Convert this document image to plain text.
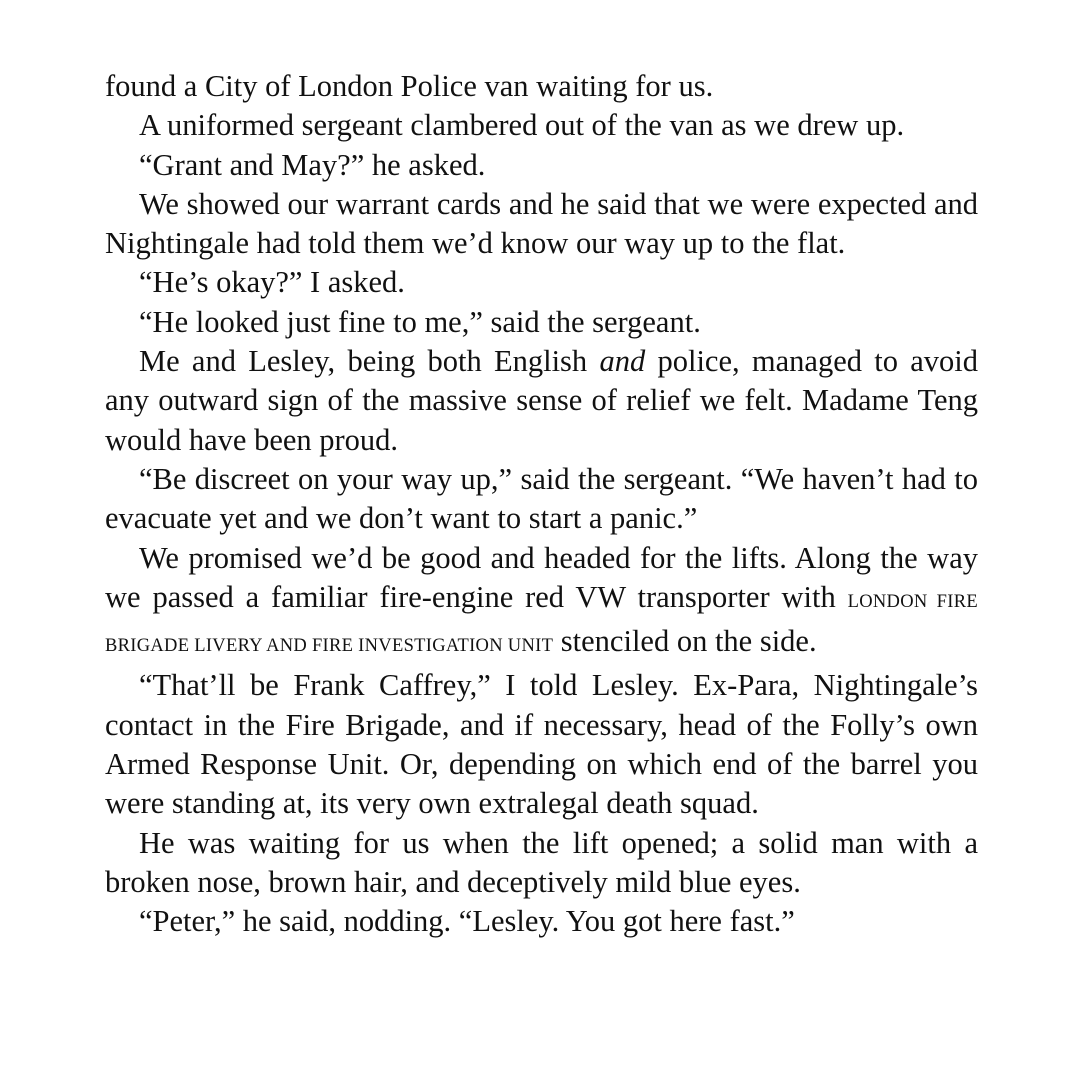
found a City of London Police van waiting for us.

A uniformed sergeant clambered out of the van as we drew up.

“Grant and May?” he asked.

We showed our warrant cards and he said that we were expected and Nightingale had told them we’d know our way up to the flat.

“He’s okay?” I asked.

“He looked just fine to me,” said the sergeant.

Me and Lesley, being both English and police, managed to avoid any outward sign of the massive sense of relief we felt. Madame Teng would have been proud.

“Be discreet on your way up,” said the sergeant. “We haven’t had to evacuate yet and we don’t want to start a panic.”

We promised we’d be good and headed for the lifts. Along the way we passed a familiar fire-engine red VW transporter with LONDON FIRE BRIGADE LIVERY AND FIRE INVESTIGATION UNIT stenciled on the side.

“That’ll be Frank Caffrey,” I told Lesley. Ex-Para, Nightingale’s contact in the Fire Brigade, and if necessary, head of the Folly’s own Armed Response Unit. Or, depending on which end of the barrel you were standing at, its very own extralegal death squad.

He was waiting for us when the lift opened; a solid man with a broken nose, brown hair, and deceptively mild blue eyes.

“Peter,” he said, nodding. “Lesley. You got here fast.”
